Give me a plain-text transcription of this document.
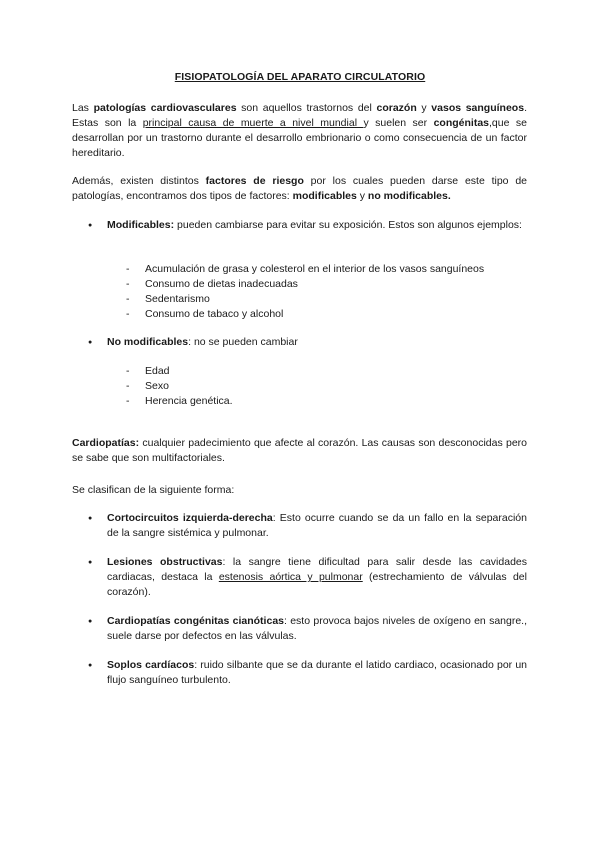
FISIOPATOLOGÍA DEL APARATO CIRCULATORIO

Las patologías cardiovasculares son aquellos trastornos del corazón y vasos sanguíneos. Estas son la principal causa de muerte a nivel mundial y suelen ser congénitas,que se desarrollan por un trastorno durante el desarrollo embrionario o como consecuencia de un factor hereditario.

Además, existen distintos factores de riesgo por los cuales pueden darse este tipo de patologías, encontramos dos tipos de factores: modificables y no modificables.

● Modificables: pueden cambiarse para evitar su exposición. Estos son algunos ejemplos:
- Acumulación de grasa y colesterol en el interior de los vasos sanguíneos
- Consumo de dietas inadecuadas
- Sedentarismo
- Consumo de tabaco y alcohol
● No modificables: no se pueden cambiar
- Edad
- Sexo
- Herencia genética.

Cardiopatías: cualquier padecimiento que afecte al corazón. Las causas son desconocidas pero se sabe que son multifactoriales.

Se clasifican de la siguiente forma:

● Cortocircuitos izquierda-derecha: Esto ocurre cuando se da un fallo en la separación de la sangre sistémica y pulmonar.
● Lesiones obstructivas: la sangre tiene dificultad para salir desde las cavidades cardiacas, destaca la estenosis aórtica y pulmonar (estrechamiento de válvulas del corazón).
● Cardiopatías congénitas cianóticas: esto provoca bajos niveles de oxígeno en sangre., suele darse por defectos en las válvulas.
● Soplos cardíacos: ruido silbante que se da durante el latido cardiaco, ocasionado por un flujo sanguíneo turbulento.
